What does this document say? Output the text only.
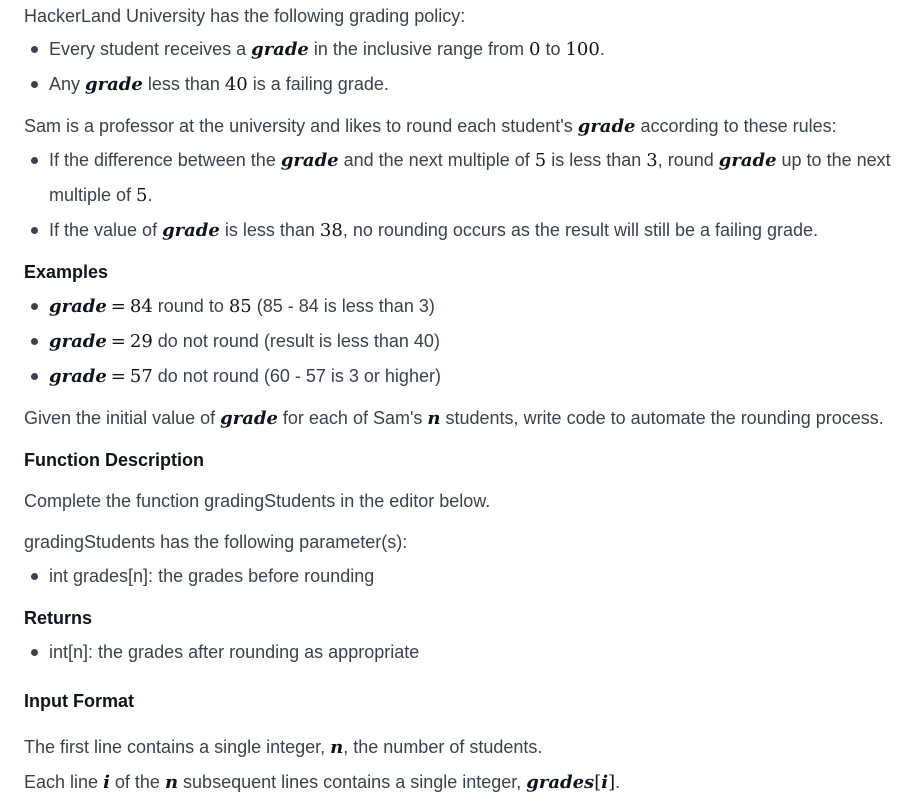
HackerLand University has the following grading policy:
Every student receives a grade in the inclusive range from 0 to 100.
Any grade less than 40 is a failing grade.
Sam is a professor at the university and likes to round each student's grade according to these rules:
If the difference between the grade and the next multiple of 5 is less than 3, round grade up to the next
multiple of 5.
If the value of grade is less than 38, no rounding occurs as the result will still be a failing grade.
Examples
grade = 84 round to 85 (85 - 84 is less than 3)
grade = 29 do not round (result is less than 40)
grade = 57 do not round (60 - 57 is 3 or higher)
Given the initial value of grade for each of Sam's n students, write code to automate the rounding process.
Function Description
Complete the function gradingStudents in the editor below.
gradingStudents has the following parameter(s):
int grades[n]: the grades before rounding
Returns
int[n]: the grades after rounding as appropriate
Input Format
The first line contains a single integer, n, the number of students.
Each line i of the n subsequent lines contains a single integer, grades[i].
